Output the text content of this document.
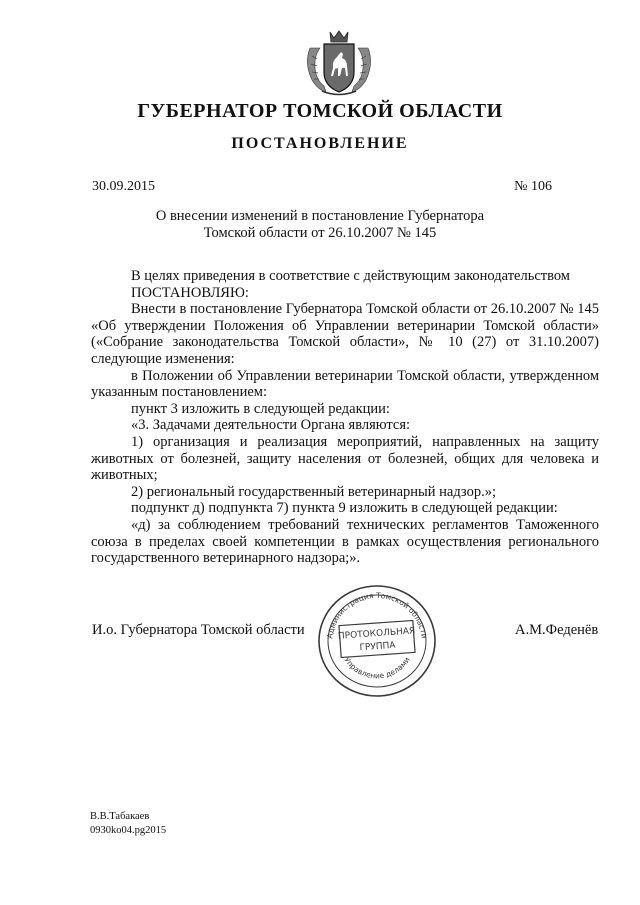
ГУБЕРНАТОР ТОМСКОЙ ОБЛАСТИ
ПОСТАНОВЛЕНИЕ
30.09.2015	№ 106
О внесении изменений в постановление Губернатора
Томской области от 26.10.2007 № 145

В целях приведения в соответствие с действующим законодательством

ПОСТАНОВЛЯЮ:

Внести в постановление Губернатора Томской области от 26.10.2007 № 145 «Об утверждении Положения об Управлении ветеринарии Томской области» («Собрание законодательства Томской области», № 10 (27) от 31.10.2007) следующие изменения:

в Положении об Управлении ветеринарии Томской области, утвержденном указанным постановлением:

пункт 3 изложить в следующей редакции:

«3. Задачами деятельности Органа являются:

1) организация и реализация мероприятий, направленных на защиту животных от болезней, защиту населения от болезней, общих для человека и животных;

2) региональный государственный ветеринарный надзор.»;

подпункт д) подпункта 7) пункта 9 изложить в следующей редакции:

«д) за соблюдением требований технических регламентов Таможенного союза в пределах своей компетенции в рамках осуществления регионального государственного ветеринарного надзора;».

И.о. Губернатора Томской области	А.М.Феденёв
Администрация Томской области
Управление делами
ПРОТОКОЛЬНАЯ
ГРУППА
В.В.Табакаев
0930ko04.pg2015
